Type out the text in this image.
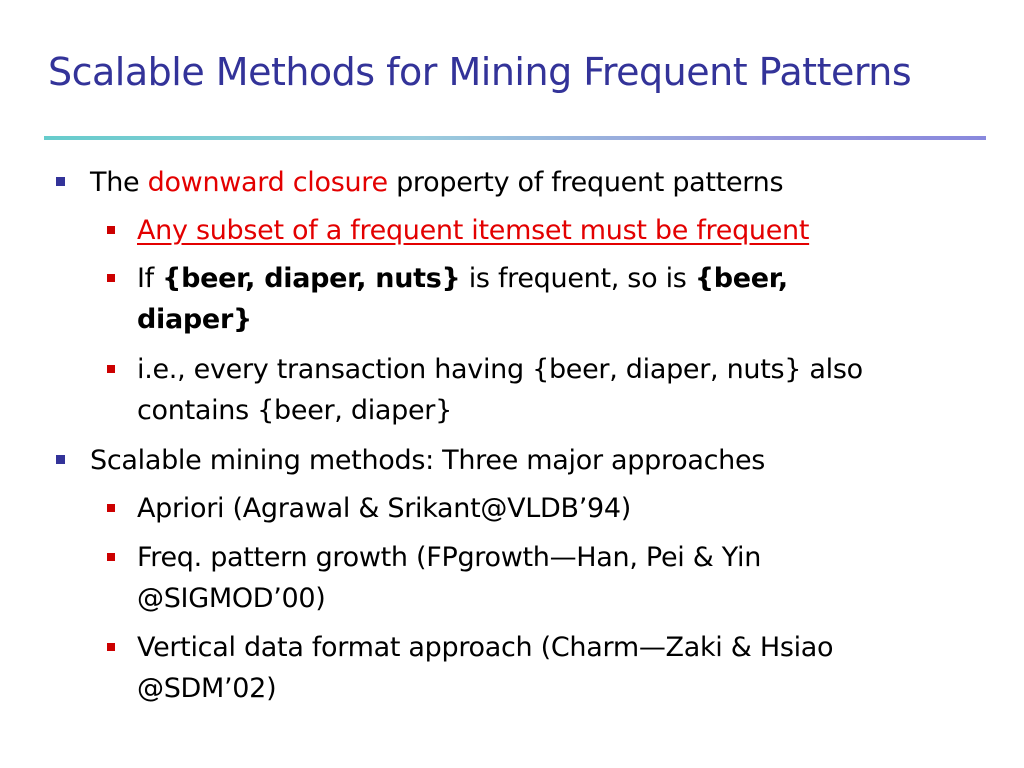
Scalable Methods for Mining Frequent Patterns
The downward closure property of frequent patterns
Any subset of a frequent itemset must be frequent
If {beer, diaper, nuts} is frequent, so is {beer,
diaper}
i.e., every transaction having {beer, diaper, nuts} also
contains {beer, diaper}
Scalable mining methods: Three major approaches
Apriori (Agrawal & Srikant@VLDB’94)
Freq. pattern growth (FPgrowth—Han, Pei & Yin
@SIGMOD’00)
Vertical data format approach (Charm—Zaki & Hsiao
@SDM’02)
